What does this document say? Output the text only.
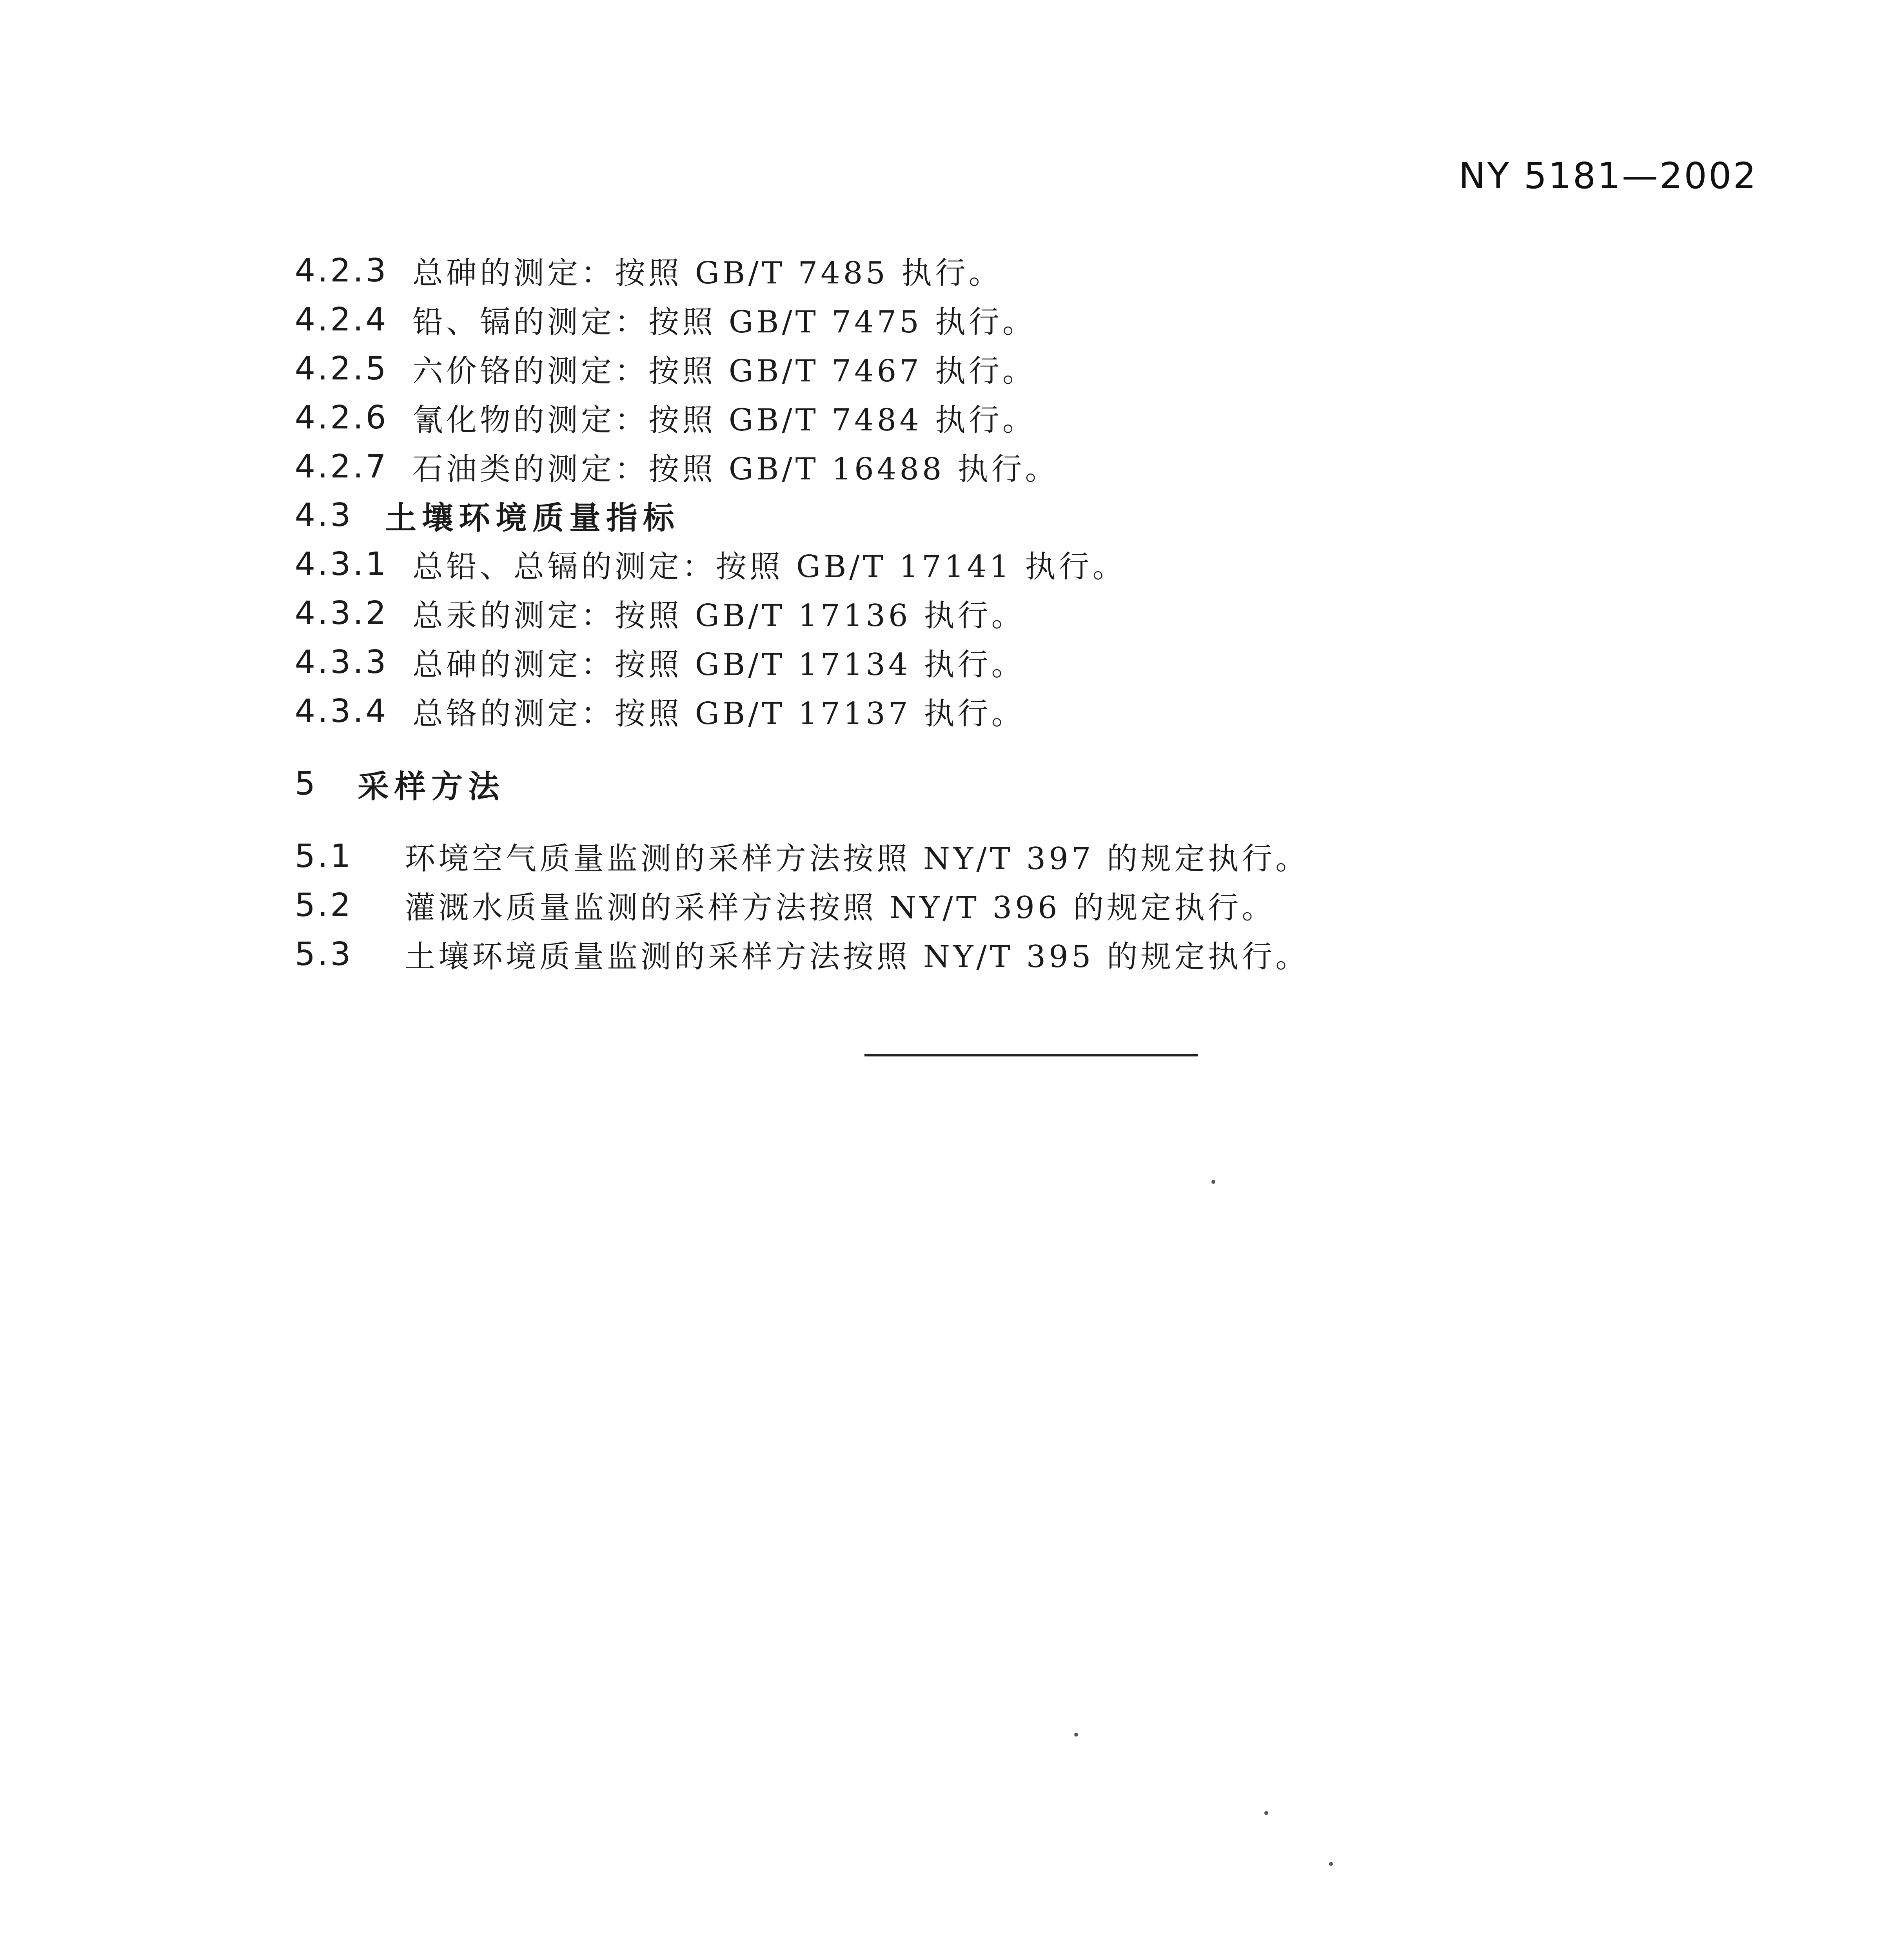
NY 5181—2002
4.2.3 总砷的测定：按照 GB/T 7485 执行。
4.2.4 铅、镉的测定：按照 GB/T 7475 执行。
4.2.5 六价铬的测定：按照 GB/T 7467 执行。
4.2.6 氰化物的测定：按照 GB/T 7484 执行。
4.2.7 石油类的测定：按照 GB/T 16488 执行。
4.3	土壤环境质量指标
4.3.1 总铅、总镉的测定：按照 GB/T 17141 执行。
4.3.2 总汞的测定：按照 GB/T 17136 执行。
4.3.3 总砷的测定：按照 GB/T 17134 执行。
4.3.4 总铬的测定：按照 GB/T 17137 执行。
5	采样方法
5.1	环境空气质量监测的采样方法按照 NY/T 397 的规定执行。
5.2	灌溉水质量监测的采样方法按照 NY/T 396 的规定执行。
5.3	土壤环境质量监测的采样方法按照 NY/T 395 的规定执行。
